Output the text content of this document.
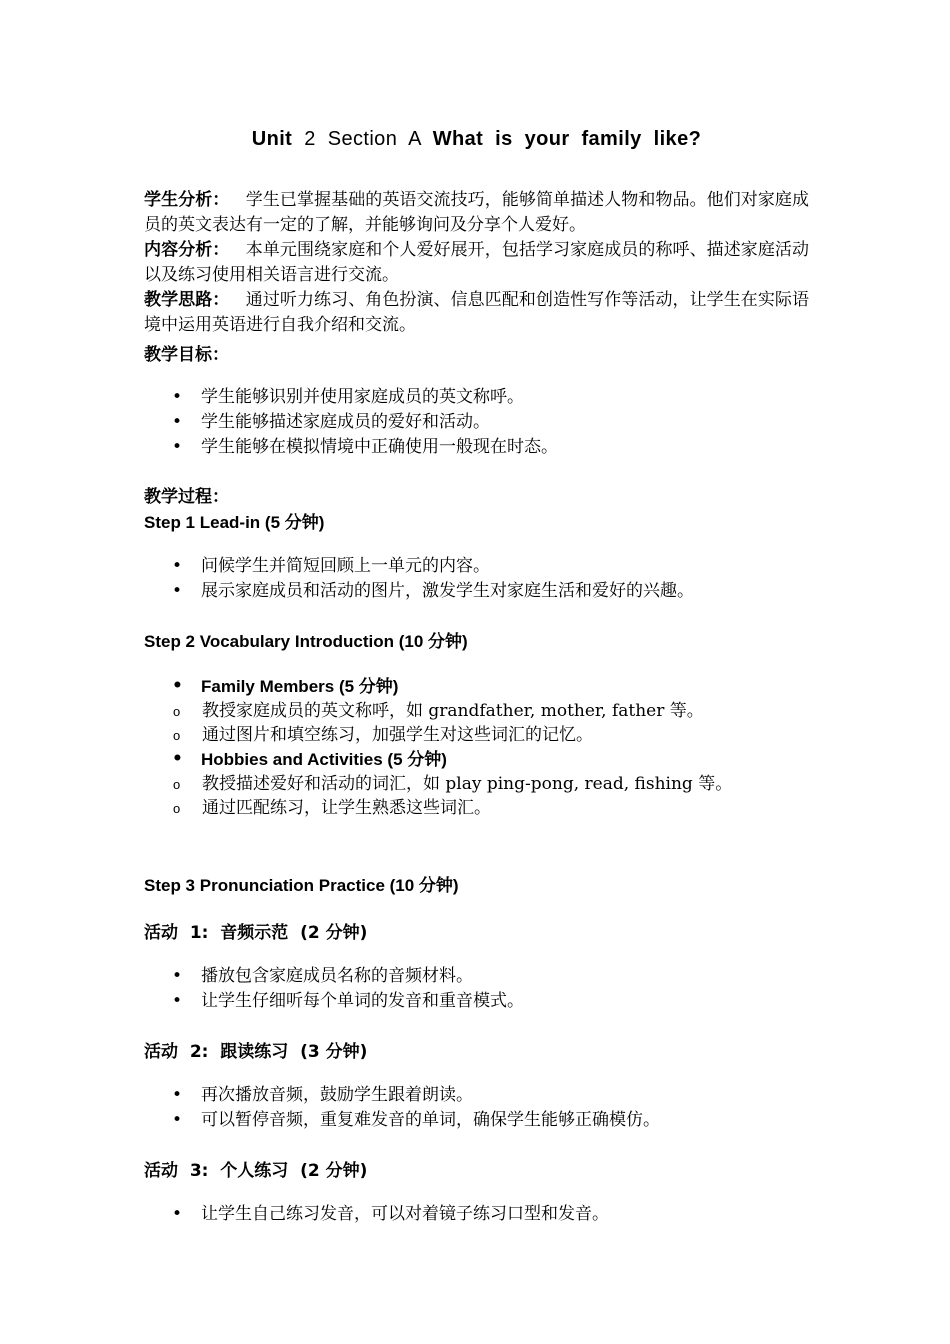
Unit 2 Section A What is your family like?
学生分析： 学生已掌握基础的英语交流技巧，能够简单描述人物和物品。他们对家庭成员的英文表达有一定的了解，并能够询问及分享个人爱好。
内容分析： 本单元围绕家庭和个人爱好展开，包括学习家庭成员的称呼、描述家庭活动以及练习使用相关语言进行交流。
教学思路： 通过听力练习、角色扮演、信息匹配和创造性写作等活动，让学生在实际语境中运用英语进行自我介绍和交流。
教学目标：
• 学生能够识别并使用家庭成员的英文称呼。
• 学生能够描述家庭成员的爱好和活动。
• 学生能够在模拟情境中正确使用一般现在时态。
教学过程：
Step 1 Lead-in (5 分钟)
• 问候学生并简短回顾上一单元的内容。
• 展示家庭成员和活动的图片，激发学生对家庭生活和爱好的兴趣。
Step 2 Vocabulary Introduction (10 分钟)
• Family Members (5 分钟)
o 教授家庭成员的英文称呼，如 grandfather, mother, father 等。
o 通过图片和填空练习，加强学生对这些词汇的记忆。
• Hobbies and Activities (5 分钟)
o 教授描述爱好和活动的词汇，如 play ping-pong, read, fishing 等。
o 通过匹配练习，让学生熟悉这些词汇。
Step 3 Pronunciation Practice (10 分钟)
活动  1:  音频示范  (2 分钟)
• 播放包含家庭成员名称的音频材料。
• 让学生仔细听每个单词的发音和重音模式。
活动  2:  跟读练习  (3 分钟)
• 再次播放音频，鼓励学生跟着朗读。
• 可以暂停音频，重复难发音的单词，确保学生能够正确模仿。
活动  3:  个人练习  (2 分钟)
• 让学生自己练习发音，可以对着镜子练习口型和发音。
